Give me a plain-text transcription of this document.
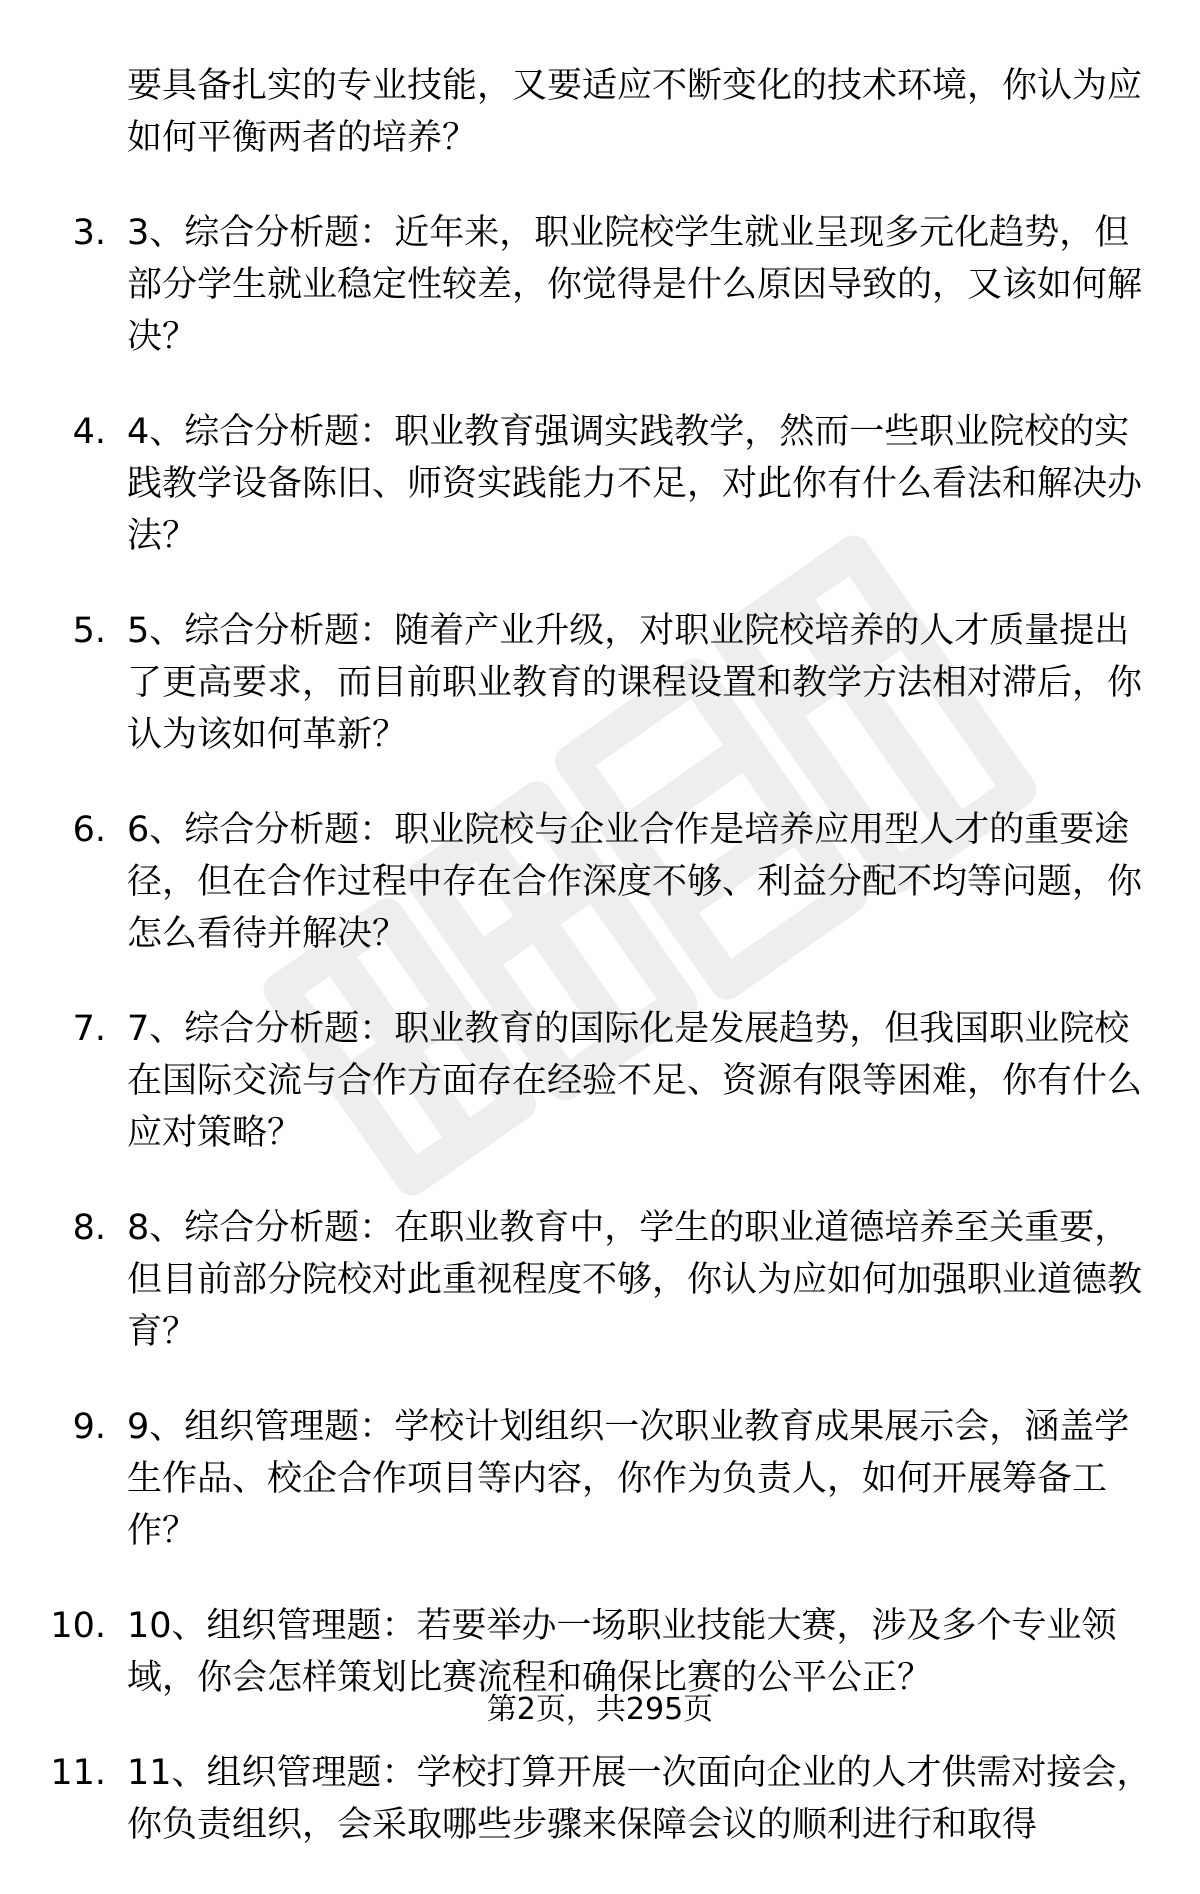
要具备扎实的专业技能，又要适应不断变化的技术环境，你认为应如何平衡两者的培养？
3. 3、综合分析题：近年来，职业院校学生就业呈现多元化趋势，但部分学生就业稳定性较差，你觉得是什么原因导致的，又该如何解决？
4. 4、综合分析题：职业教育强调实践教学，然而一些职业院校的实践教学设备陈旧、师资实践能力不足，对此你有什么看法和解决办法？
5. 5、综合分析题：随着产业升级，对职业院校培养的人才质量提出了更高要求，而目前职业教育的课程设置和教学方法相对滞后，你认为该如何革新？
6. 6、综合分析题：职业院校与企业合作是培养应用型人才的重要途径，但在合作过程中存在合作深度不够、利益分配不均等问题，你怎么看待并解决？
7. 7、综合分析题：职业教育的国际化是发展趋势，但我国职业院校在国际交流与合作方面存在经验不足、资源有限等困难，你有什么应对策略？
8. 8、综合分析题：在职业教育中，学生的职业道德培养至关重要，但目前部分院校对此重视程度不够，你认为应如何加强职业道德教育？
9. 9、组织管理题：学校计划组织一次职业教育成果展示会，涵盖学生作品、校企合作项目等内容，你作为负责人，如何开展筹备工作？
10. 10、组织管理题：若要举办一场职业技能大赛，涉及多个专业领域，你会怎样策划比赛流程和确保比赛的公平公正？
11. 11、组织管理题：学校打算开展一次面向企业的人才供需对接会，你负责组织，会采取哪些步骤来保障会议的顺利进行和取得
第2页，共295页
